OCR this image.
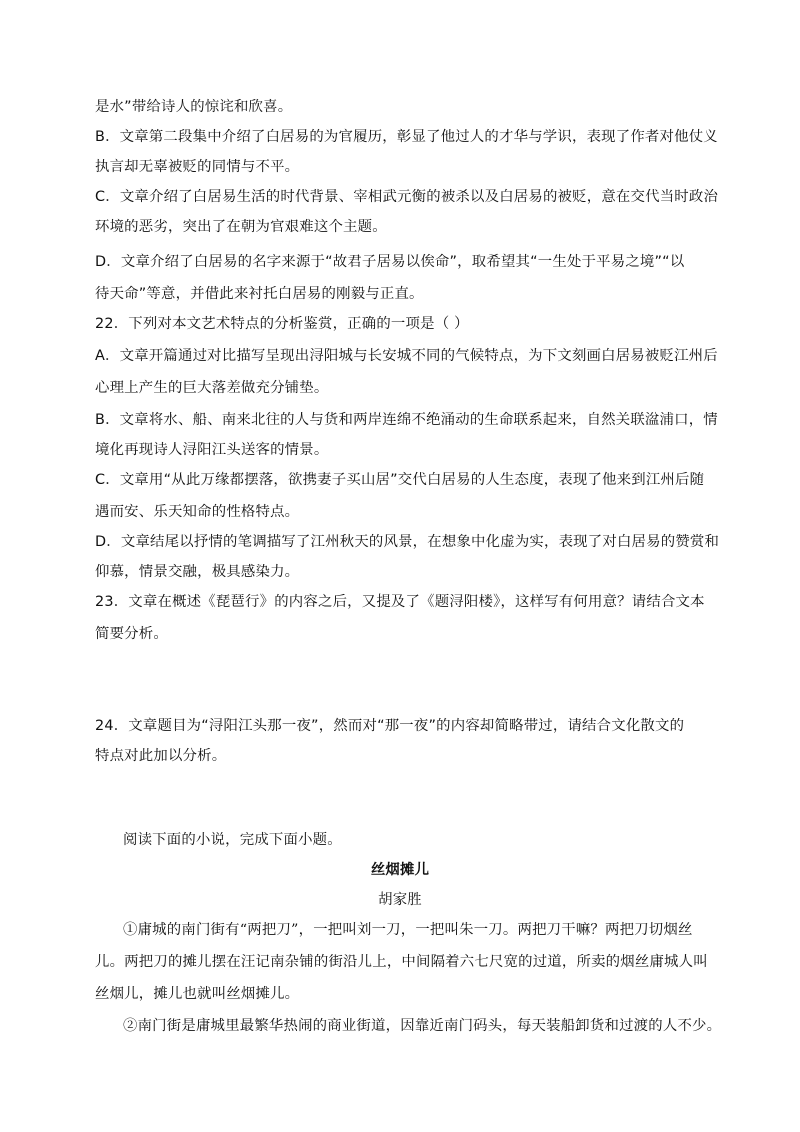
是水”带给诗人的惊诧和欣喜。
B．文章第二段集中介绍了白居易的为官履历，彰显了他过人的才华与学识，表现了作者对他仗义
执言却无辜被贬的同情与不平。
C．文章介绍了白居易生活的时代背景、宰相武元衡的被杀以及白居易的被贬，意在交代当时政治
环境的恶劣，突出了在朝为官艰难这个主题。
D．文章介绍了白居易的名字来源于“故君子居易以俟命”，取希望其“一生处于平易之境”“以
待天命”等意，并借此来衬托白居易的刚毅与正直。
22．下列对本文艺术特点的分析鉴赏，正确的一项是（ ）
A．文章开篇通过对比描写呈现出浔阳城与长安城不同的气候特点，为下文刻画白居易被贬江州后
心理上产生的巨大落差做充分铺垫。
B．文章将水、船、南来北往的人与货和两岸连绵不绝涌动的生命联系起来，自然关联湓浦口，情
境化再现诗人浔阳江头送客的情景。
C．文章用“从此万缘都摆落，欲携妻子买山居”交代白居易的人生态度，表现了他来到江州后随
遇而安、乐天知命的性格特点。
D．文章结尾以抒情的笔调描写了江州秋天的风景，在想象中化虚为实，表现了对白居易的赞赏和
仰慕，情景交融，极具感染力。
23．文章在概述《琵琶行》的内容之后，又提及了《题浔阳楼》，这样写有何用意？请结合文本
简要分析。
24．文章题目为“浔阳江头那一夜”，然而对“那一夜”的内容却简略带过，请结合文化散文的
特点对此加以分析。
阅读下面的小说，完成下面小题。
丝烟摊儿
胡家胜
①庸城的南门街有“两把刀”，一把叫刘一刀，一把叫朱一刀。两把刀干嘛？两把刀切烟丝
儿。两把刀的摊儿摆在汪记南杂铺的街沿儿上，中间隔着六七尺宽的过道，所卖的烟丝庸城人叫
丝烟儿，摊儿也就叫丝烟摊儿。
②南门街是庸城里最繁华热闹的商业街道，因靠近南门码头，每天装船卸货和过渡的人不少。
